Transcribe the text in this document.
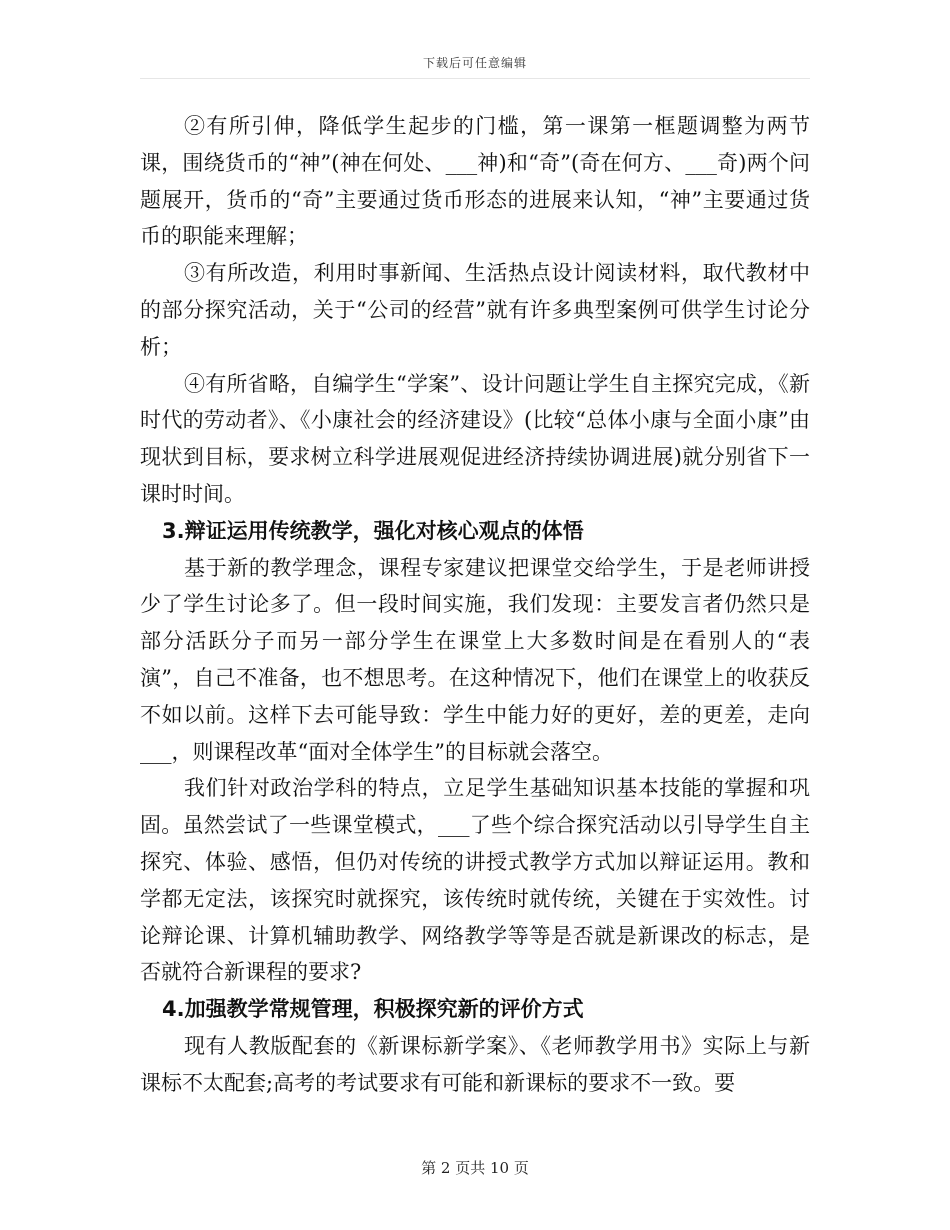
下载后可任意编辑

②有所引伸，降低学生起步的门槛，第一课第一框题调整为两节课，围绕货币的“神”(神在何处、___神)和“奇”(奇在何方、___奇)两个问题展开，货币的“奇”主要通过货币形态的进展来认知，“神”主要通过货币的职能来理解；

③有所改造，利用时事新闻、生活热点设计阅读材料，取代教材中的部分探究活动，关于“公司的经营”就有许多典型案例可供学生讨论分析；

④有所省略，自编学生“学案”、设计问题让学生自主探究完成，《新时代的劳动者》、《小康社会的经济建设》(比较“总体小康与全面小康”由现状到目标，要求树立科学进展观促进经济持续协调进展)就分别省下一课时时间。

3.辩证运用传统教学，强化对核心观点的体悟

基于新的教学理念，课程专家建议把课堂交给学生，于是老师讲授少了学生讨论多了。但一段时间实施，我们发现：主要发言者仍然只是部分活跃分子而另一部分学生在课堂上大多数时间是在看别人的“表演”，自己不准备，也不想思考。在这种情况下，他们在课堂上的收获反不如以前。这样下去可能导致：学生中能力好的更好，差的更差，走向___，则课程改革“面对全体学生”的目标就会落空。

我们针对政治学科的特点，立足学生基础知识基本技能的掌握和巩固。虽然尝试了一些课堂模式，___了些个综合探究活动以引导学生自主探究、体验、感悟，但仍对传统的讲授式教学方式加以辩证运用。教和学都无定法，该探究时就探究，该传统时就传统，关键在于实效性。讨论辩论课、计算机辅助教学、网络教学等等是否就是新课改的标志，是否就符合新课程的要求?

4.加强教学常规管理，积极探究新的评价方式

现有人教版配套的《新课标新学案》、《老师教学用书》实际上与新课标不太配套;高考的考试要求有可能和新课标的要求不一致。要

第 2 页共 10 页
